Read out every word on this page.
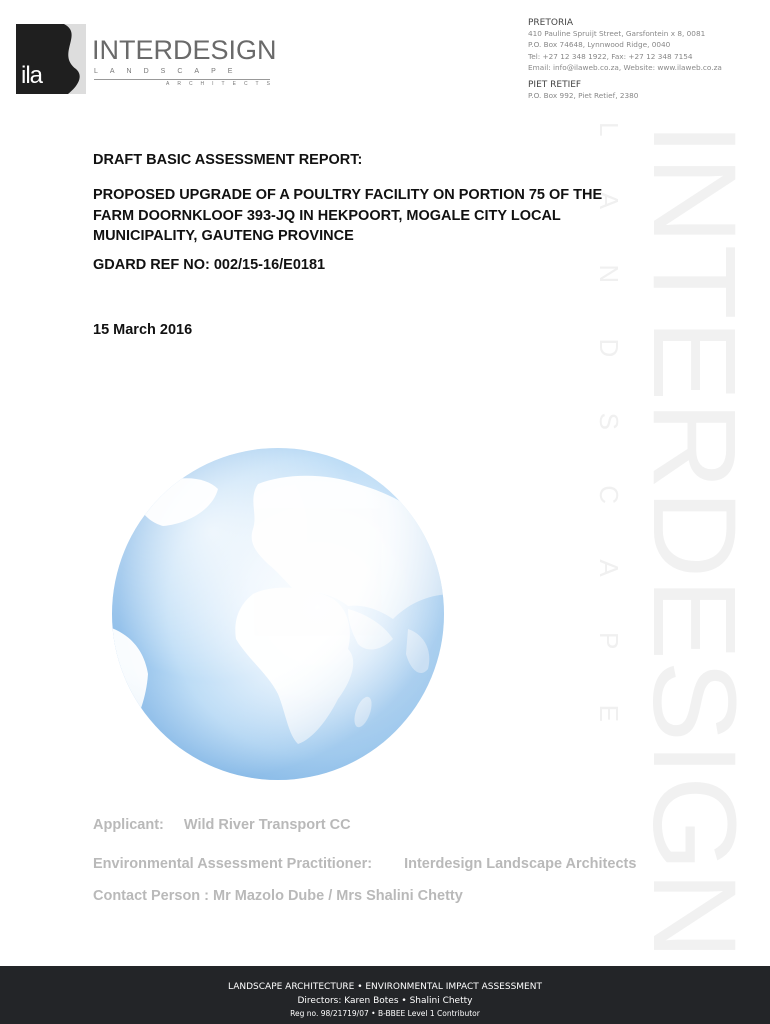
ila
INTERDESIGN
LANDSCAPE
ARCHITECTS

PRETORIA

410 Pauline Spruijt Street, Garsfontein x 8, 0081
P.O. Box 74648, Lynnwood Ridge, 0040
Tel: +27 12 348 1922, Fax: +27 12 348 7154
Email: info@ilaweb.co.za, Website: www.ilaweb.co.za

PIET RETIEF

P.O. Box 992, Piet Retief, 2380
INTERDESIGN
LANDSCAPE

DRAFT BASIC ASSESSMENT REPORT:

PROPOSED UPGRADE OF A POULTRY FACILITY ON PORTION 75 OF THE
FARM DOORNKLOOF 393-JQ IN HEKPOORT, MOGALE CITY LOCAL
MUNICIPALITY, GAUTENG PROVINCE

GDARD REF NO: 002/15-16/E0181

15 March 2016
Applicant: Wild River Transport CC
Environmental Assessment Practitioner: Interdesign Landscape Architects
Contact Person : Mr Mazolo Dube / Mrs Shalini Chetty
LANDSCAPE ARCHITECTURE • ENVIRONMENTAL IMPACT ASSESSMENT
Directors: Karen Botes • Shalini Chetty
Reg no. 98/21719/07 • B-BBEE Level 1 Contributor
